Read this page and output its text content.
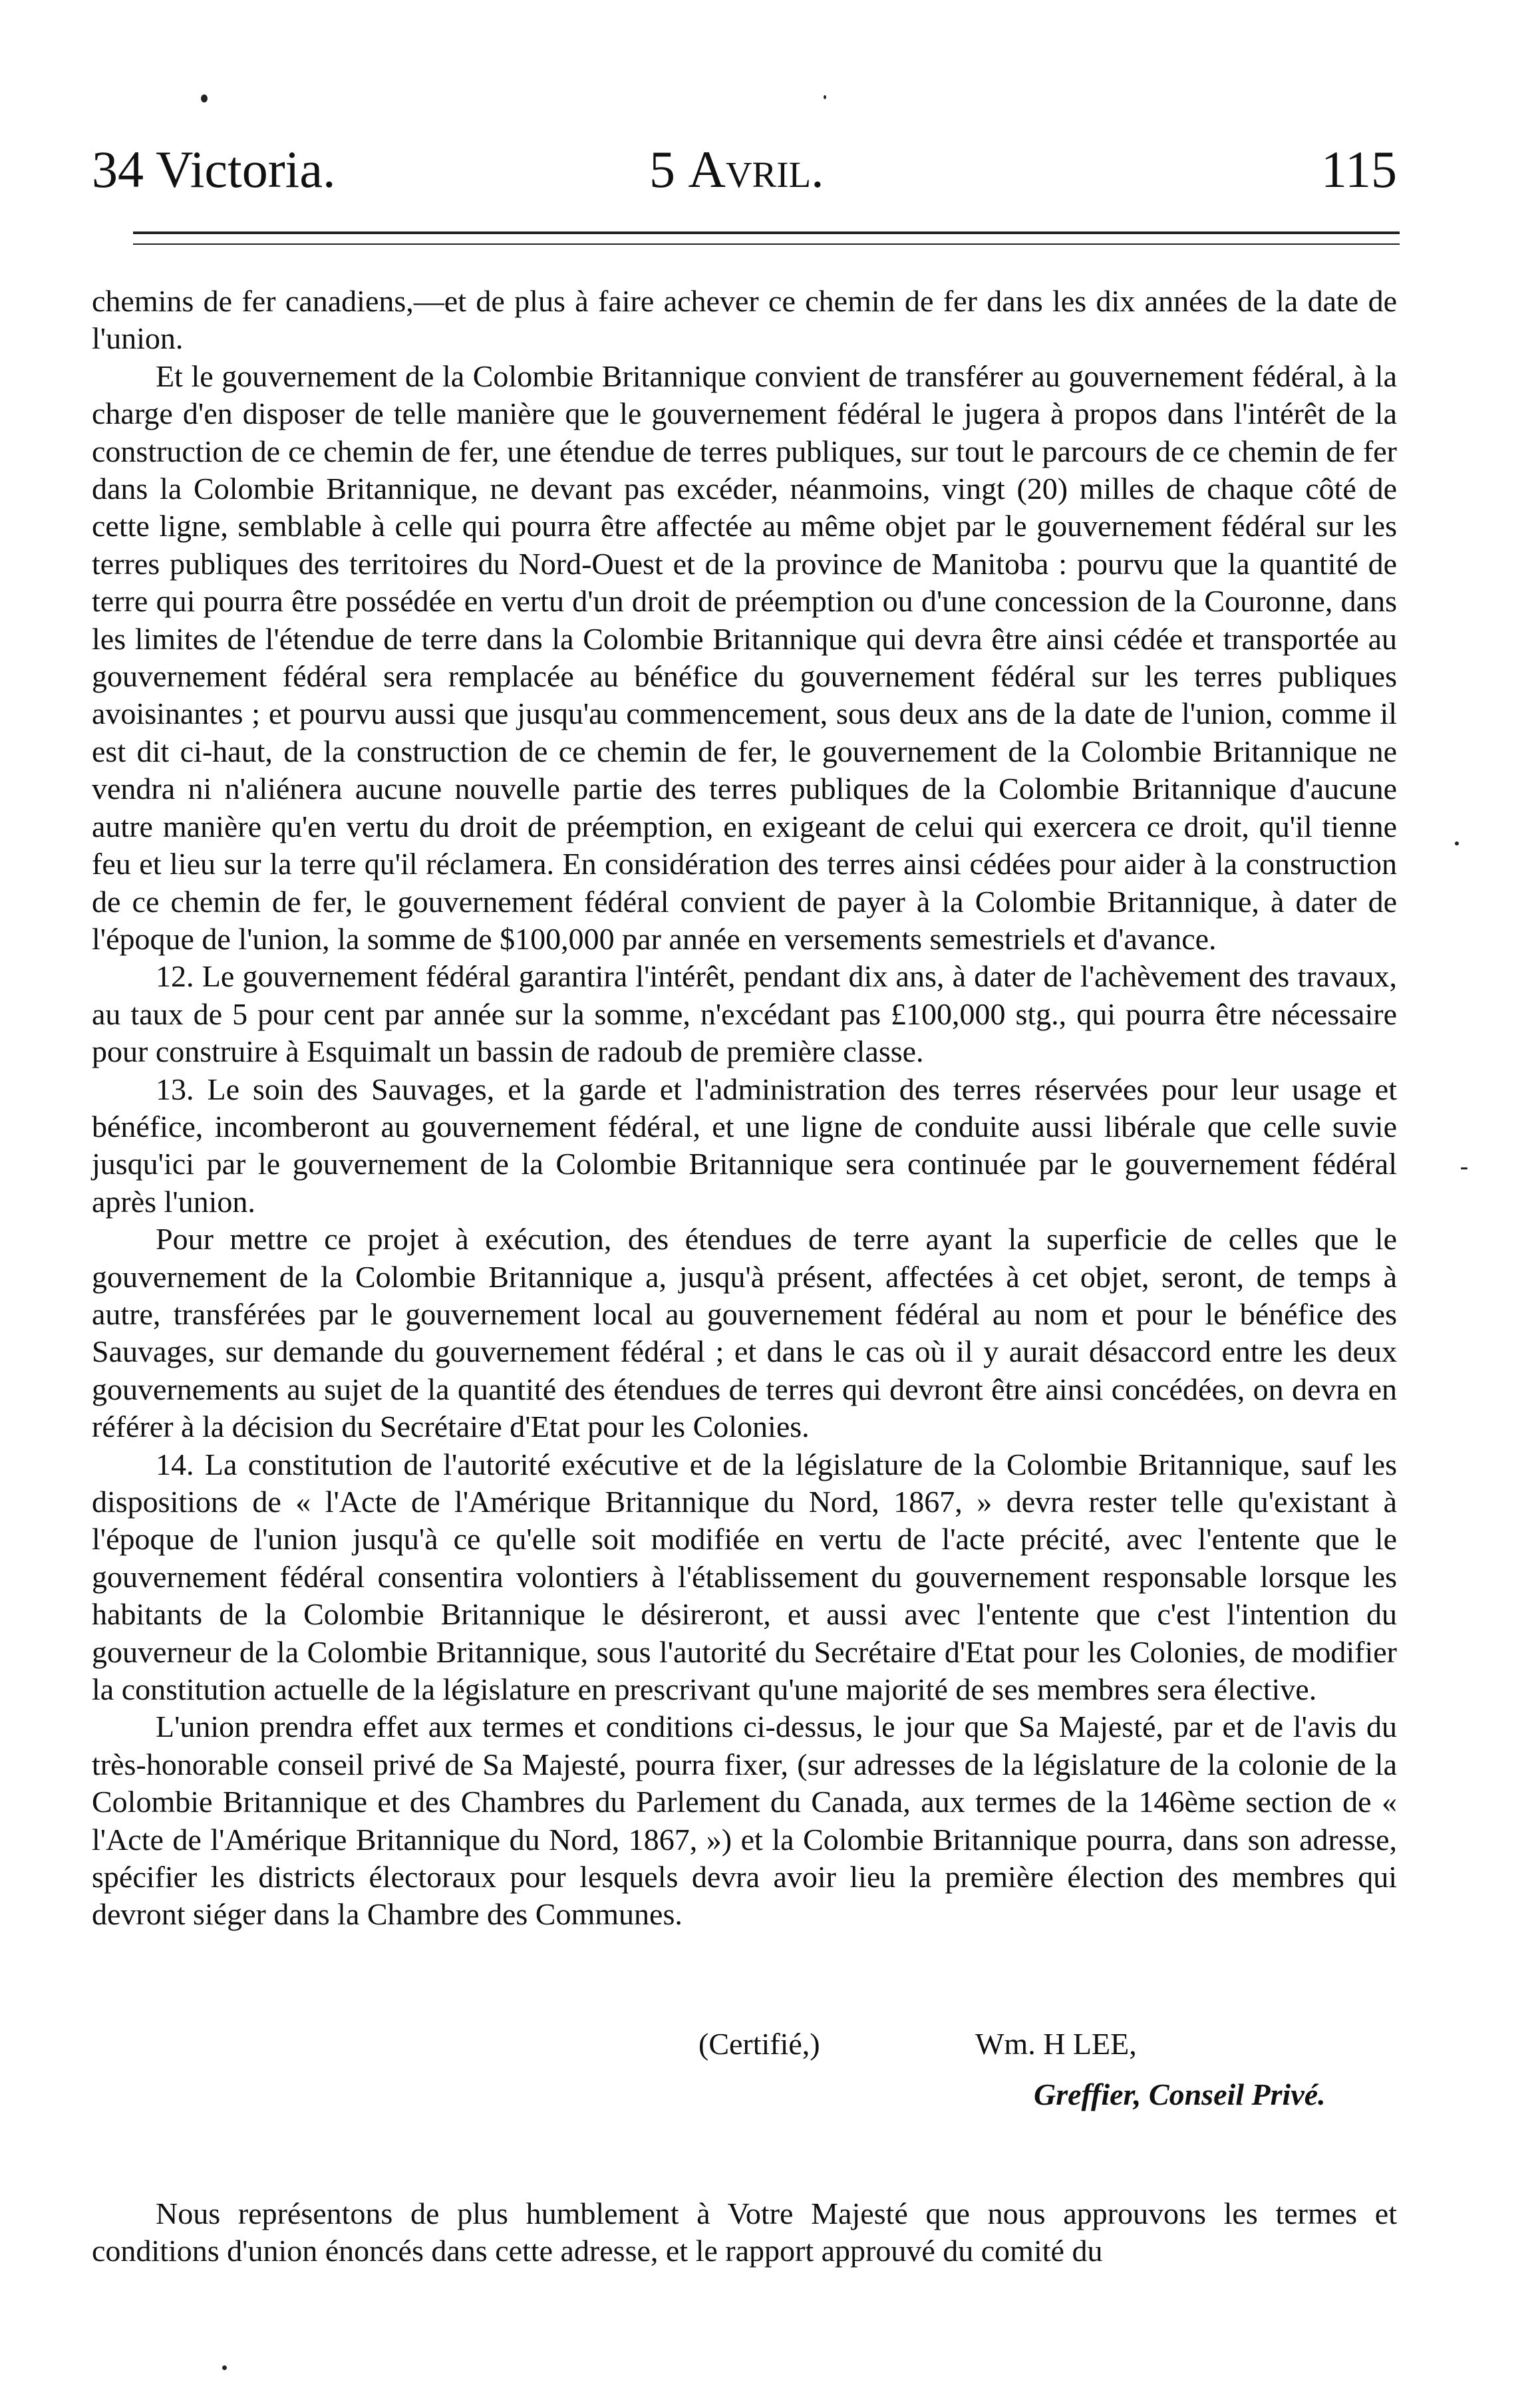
34 Victoria.	5 Avril.	115

chemins de fer canadiens,—et de plus à faire achever ce chemin de fer dans les dix années de la date de l'union.

Et le gouvernement de la Colombie Britannique convient de transférer au gouvernement fédéral, à la charge d'en disposer de telle manière que le gouvernement fédéral le jugera à propos dans l'intérêt de la construction de ce chemin de fer, une étendue de terres publiques, sur tout le parcours de ce chemin de fer dans la Colombie Britannique, ne devant pas excéder, néanmoins, vingt (20) milles de chaque côté de cette ligne, semblable à celle qui pourra être affectée au même objet par le gouvernement fédéral sur les terres publiques des territoires du Nord-Ouest et de la province de Manitoba : pourvu que la quantité de terre qui pourra être possédée en vertu d'un droit de préemption ou d'une concession de la Couronne, dans les limites de l'étendue de terre dans la Colombie Britannique qui devra être ainsi cédée et transportée au gouvernement fédéral sera remplacée au bénéfice du gouvernement fédéral sur les terres publiques avoisinantes ; et pourvu aussi que jusqu'au commencement, sous deux ans de la date de l'union, comme il est dit ci-haut, de la construction de ce chemin de fer, le gouvernement de la Colombie Britannique ne vendra ni n'aliénera aucune nouvelle partie des terres publiques de la Colombie Britannique d'aucune autre manière qu'en vertu du droit de préemption, en exigeant de celui qui exercera ce droit, qu'il tienne feu et lieu sur la terre qu'il réclamera. En considération des terres ainsi cédées pour aider à la construction de ce chemin de fer, le gouvernement fédéral convient de payer à la Colombie Britannique, à dater de l'époque de l'union, la somme de $100,000 par année en versements semestriels et d'avance.

12. Le gouvernement fédéral garantira l'intérêt, pendant dix ans, à dater de l'achèvement des travaux, au taux de 5 pour cent par année sur la somme, n'excédant pas £100,000 stg., qui pourra être nécessaire pour construire à Esquimalt un bassin de radoub de première classe.

13. Le soin des Sauvages, et la garde et l'administration des terres réservées pour leur usage et bénéfice, incomberont au gouvernement fédéral, et une ligne de conduite aussi libérale que celle suvie jusqu'ici par le gouvernement de la Colombie Britannique sera continuée par le gouvernement fédéral après l'union.

Pour mettre ce projet à exécution, des étendues de terre ayant la superficie de celles que le gouvernement de la Colombie Britannique a, jusqu'à présent, affectées à cet objet, seront, de temps à autre, transférées par le gouvernement local au gouvernement fédéral au nom et pour le bénéfice des Sauvages, sur demande du gouvernement fédéral ; et dans le cas où il y aurait désaccord entre les deux gouvernements au sujet de la quantité des étendues de terres qui devront être ainsi concédées, on devra en référer à la décision du Secrétaire d'Etat pour les Colonies.

14. La constitution de l'autorité exécutive et de la législature de la Colombie Britannique, sauf les dispositions de « l'Acte de l'Amérique Britannique du Nord, 1867, » devra rester telle qu'existant à l'époque de l'union jusqu'à ce qu'elle soit modifiée en vertu de l'acte précité, avec l'entente que le gouvernement fédéral consentira volontiers à l'établissement du gouvernement responsable lorsque les habitants de la Colombie Britannique le désireront, et aussi avec l'entente que c'est l'intention du gouverneur de la Colombie Britannique, sous l'autorité du Secrétaire d'Etat pour les Colonies, de modifier la constitution actuelle de la législature en prescrivant qu'une majorité de ses membres sera élective.

L'union prendra effet aux termes et conditions ci-dessus, le jour que Sa Majesté, par et de l'avis du très-honorable conseil privé de Sa Majesté, pourra fixer, (sur adresses de la législature de la colonie de la Colombie Britannique et des Chambres du Parlement du Canada, aux termes de la 146ème section de « l'Acte de l'Amérique Britannique du Nord, 1867, ») et la Colombie Britannique pourra, dans son adresse, spécifier les districts électoraux pour lesquels devra avoir lieu la première élection des membres qui devront siéger dans la Chambre des Communes.

(Certifié,)	Wm. H LEE,
Greffier, Conseil Privé.

Nous représentons de plus humblement à Votre Majesté que nous approuvons les termes et conditions d'union énoncés dans cette adresse, et le rapport approuvé du comité du
